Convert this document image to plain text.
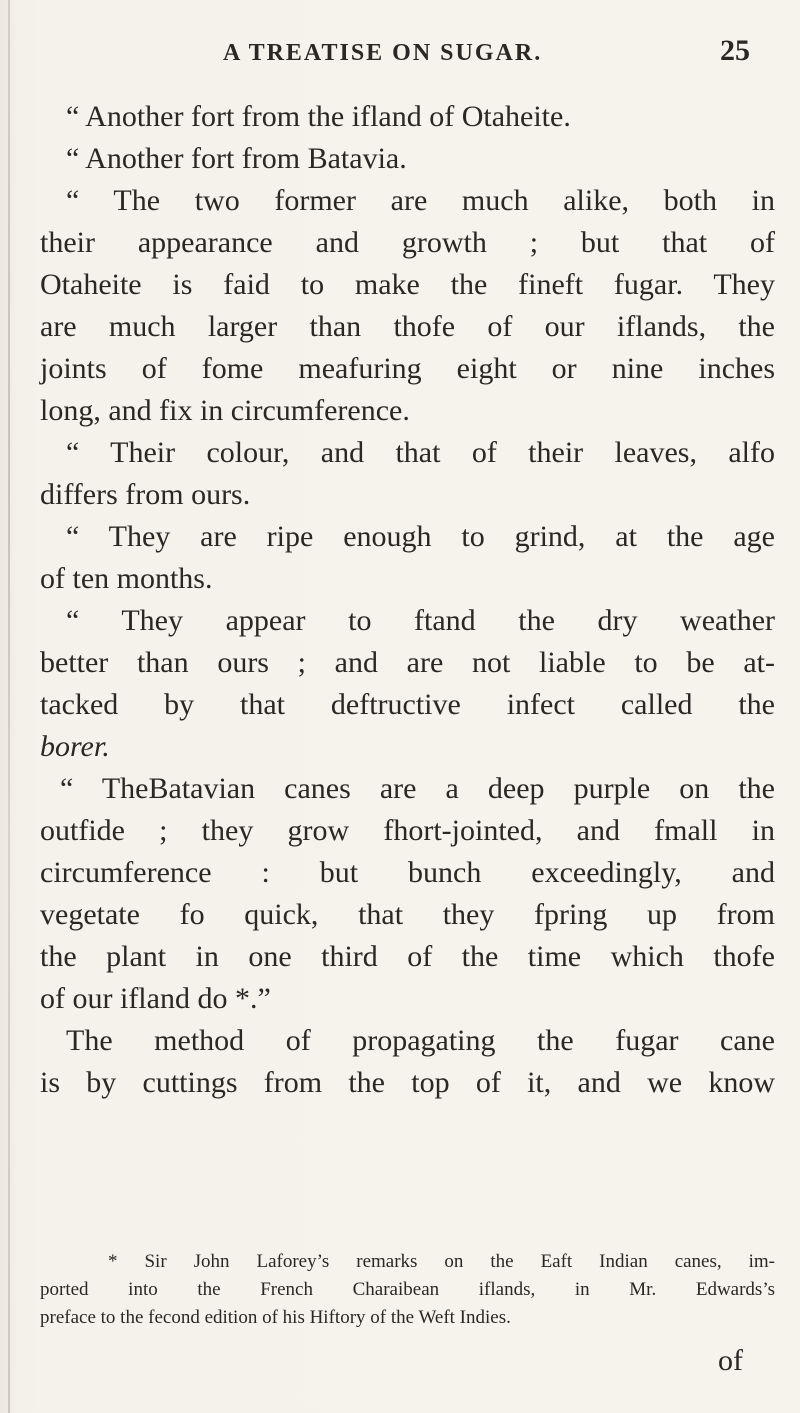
A TREATISE ON SUGAR.	25
“ Another fort from the ifland of Otaheite.
“ Another fort from Batavia.
“ The two former are much alike, both in
their appearance and growth ; but that of
Otaheite is faid to make the fineft fugar. They
are much larger than thofe of our iflands, the
joints of fome meafuring eight or nine inches
long, and fix in circumference.
“ Their colour, and that of their leaves, alfo
differs from ours.
“ They are ripe enough to grind, at the age
of ten months.
“ They appear to ftand the dry weather
better than ours ; and are not liable to be at-
tacked by that deftructive infect called the
borer.
“ TheBatavian canes are a deep purple on the
outfide ; they grow fhort-jointed, and fmall in
circumference : but bunch exceedingly, and
vegetate fo quick, that they fpring up from
the plant in one third of the time which thofe
of our ifland do *.”
The method of propagating the fugar cane
is by cuttings from the top of it, and we know
* Sir John Laforey’s remarks on the Eaft Indian canes, im-
ported into the French Charaibean iflands, in Mr. Edwards’s
preface to the fecond edition of his Hiftory of the Weft Indies.
of
